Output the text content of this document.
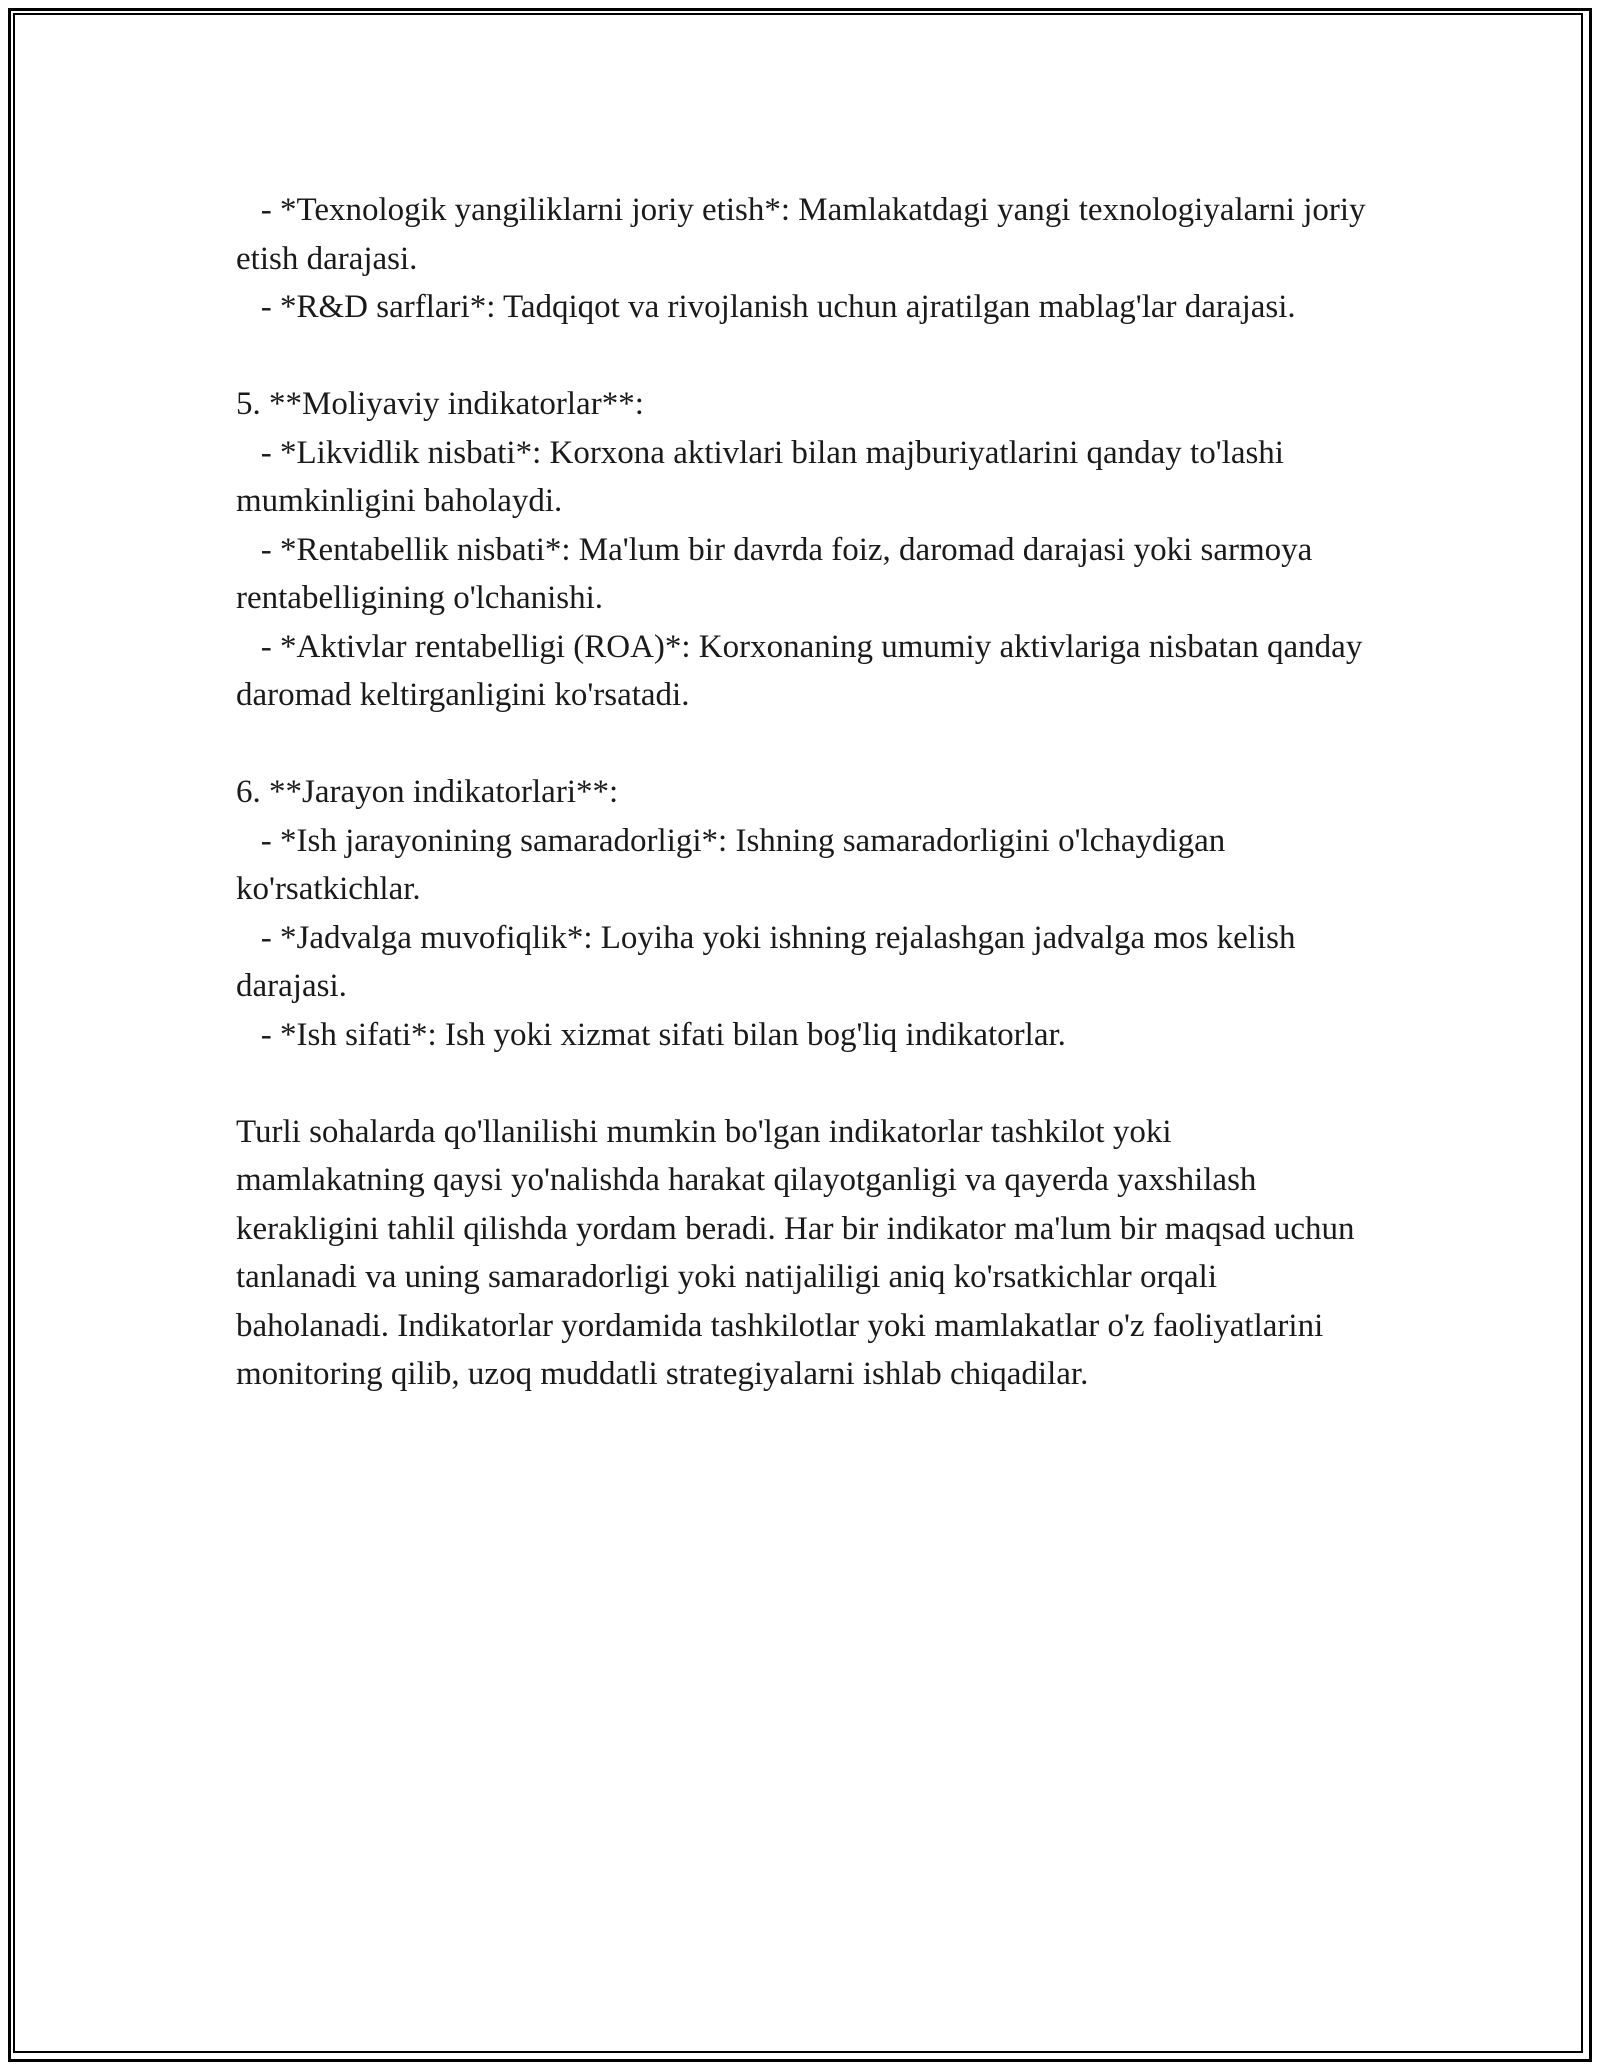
- *Texnologik yangiliklarni joriy etish*: Mamlakatdagi yangi texnologiyalarni joriy etish darajasi.

- *R&D sarflari*: Tadqiqot va rivojlanish uchun ajratilgan mablag'lar darajasi.

5. **Moliyaviy indikatorlar**:

- *Likvidlik nisbati*: Korxona aktivlari bilan majburiyatlarini qanday to'lashi mumkinligini baholaydi.

- *Rentabellik nisbati*: Ma'lum bir davrda foiz, daromad darajasi yoki sarmoya rentabelligining o'lchanishi.

- *Aktivlar rentabelligi (ROA)*: Korxonaning umumiy aktivlariga nisbatan qanday daromad keltirganligini ko'rsatadi.

6. **Jarayon indikatorlari**:

- *Ish jarayonining samaradorligi*: Ishning samaradorligini o'lchaydigan ko'rsatkichlar.

- *Jadvalga muvofiqlik*: Loyiha yoki ishning rejalashgan jadvalga mos kelish darajasi.

- *Ish sifati*: Ish yoki xizmat sifati bilan bog'liq indikatorlar.

Turli sohalarda qo'llanilishi mumkin bo'lgan indikatorlar tashkilot yoki mamlakatning qaysi yo'nalishda harakat qilayotganligi va qayerda yaxshilash kerakligini tahlil qilishda yordam beradi. Har bir indikator ma'lum bir maqsad uchun tanlanadi va uning samaradorligi yoki natijaliligi aniq ko'rsatkichlar orqali baholanadi. Indikatorlar yordamida tashkilotlar yoki mamlakatlar o'z faoliyatlarini monitoring qilib, uzoq muddatli strategiyalarni ishlab chiqadilar.
